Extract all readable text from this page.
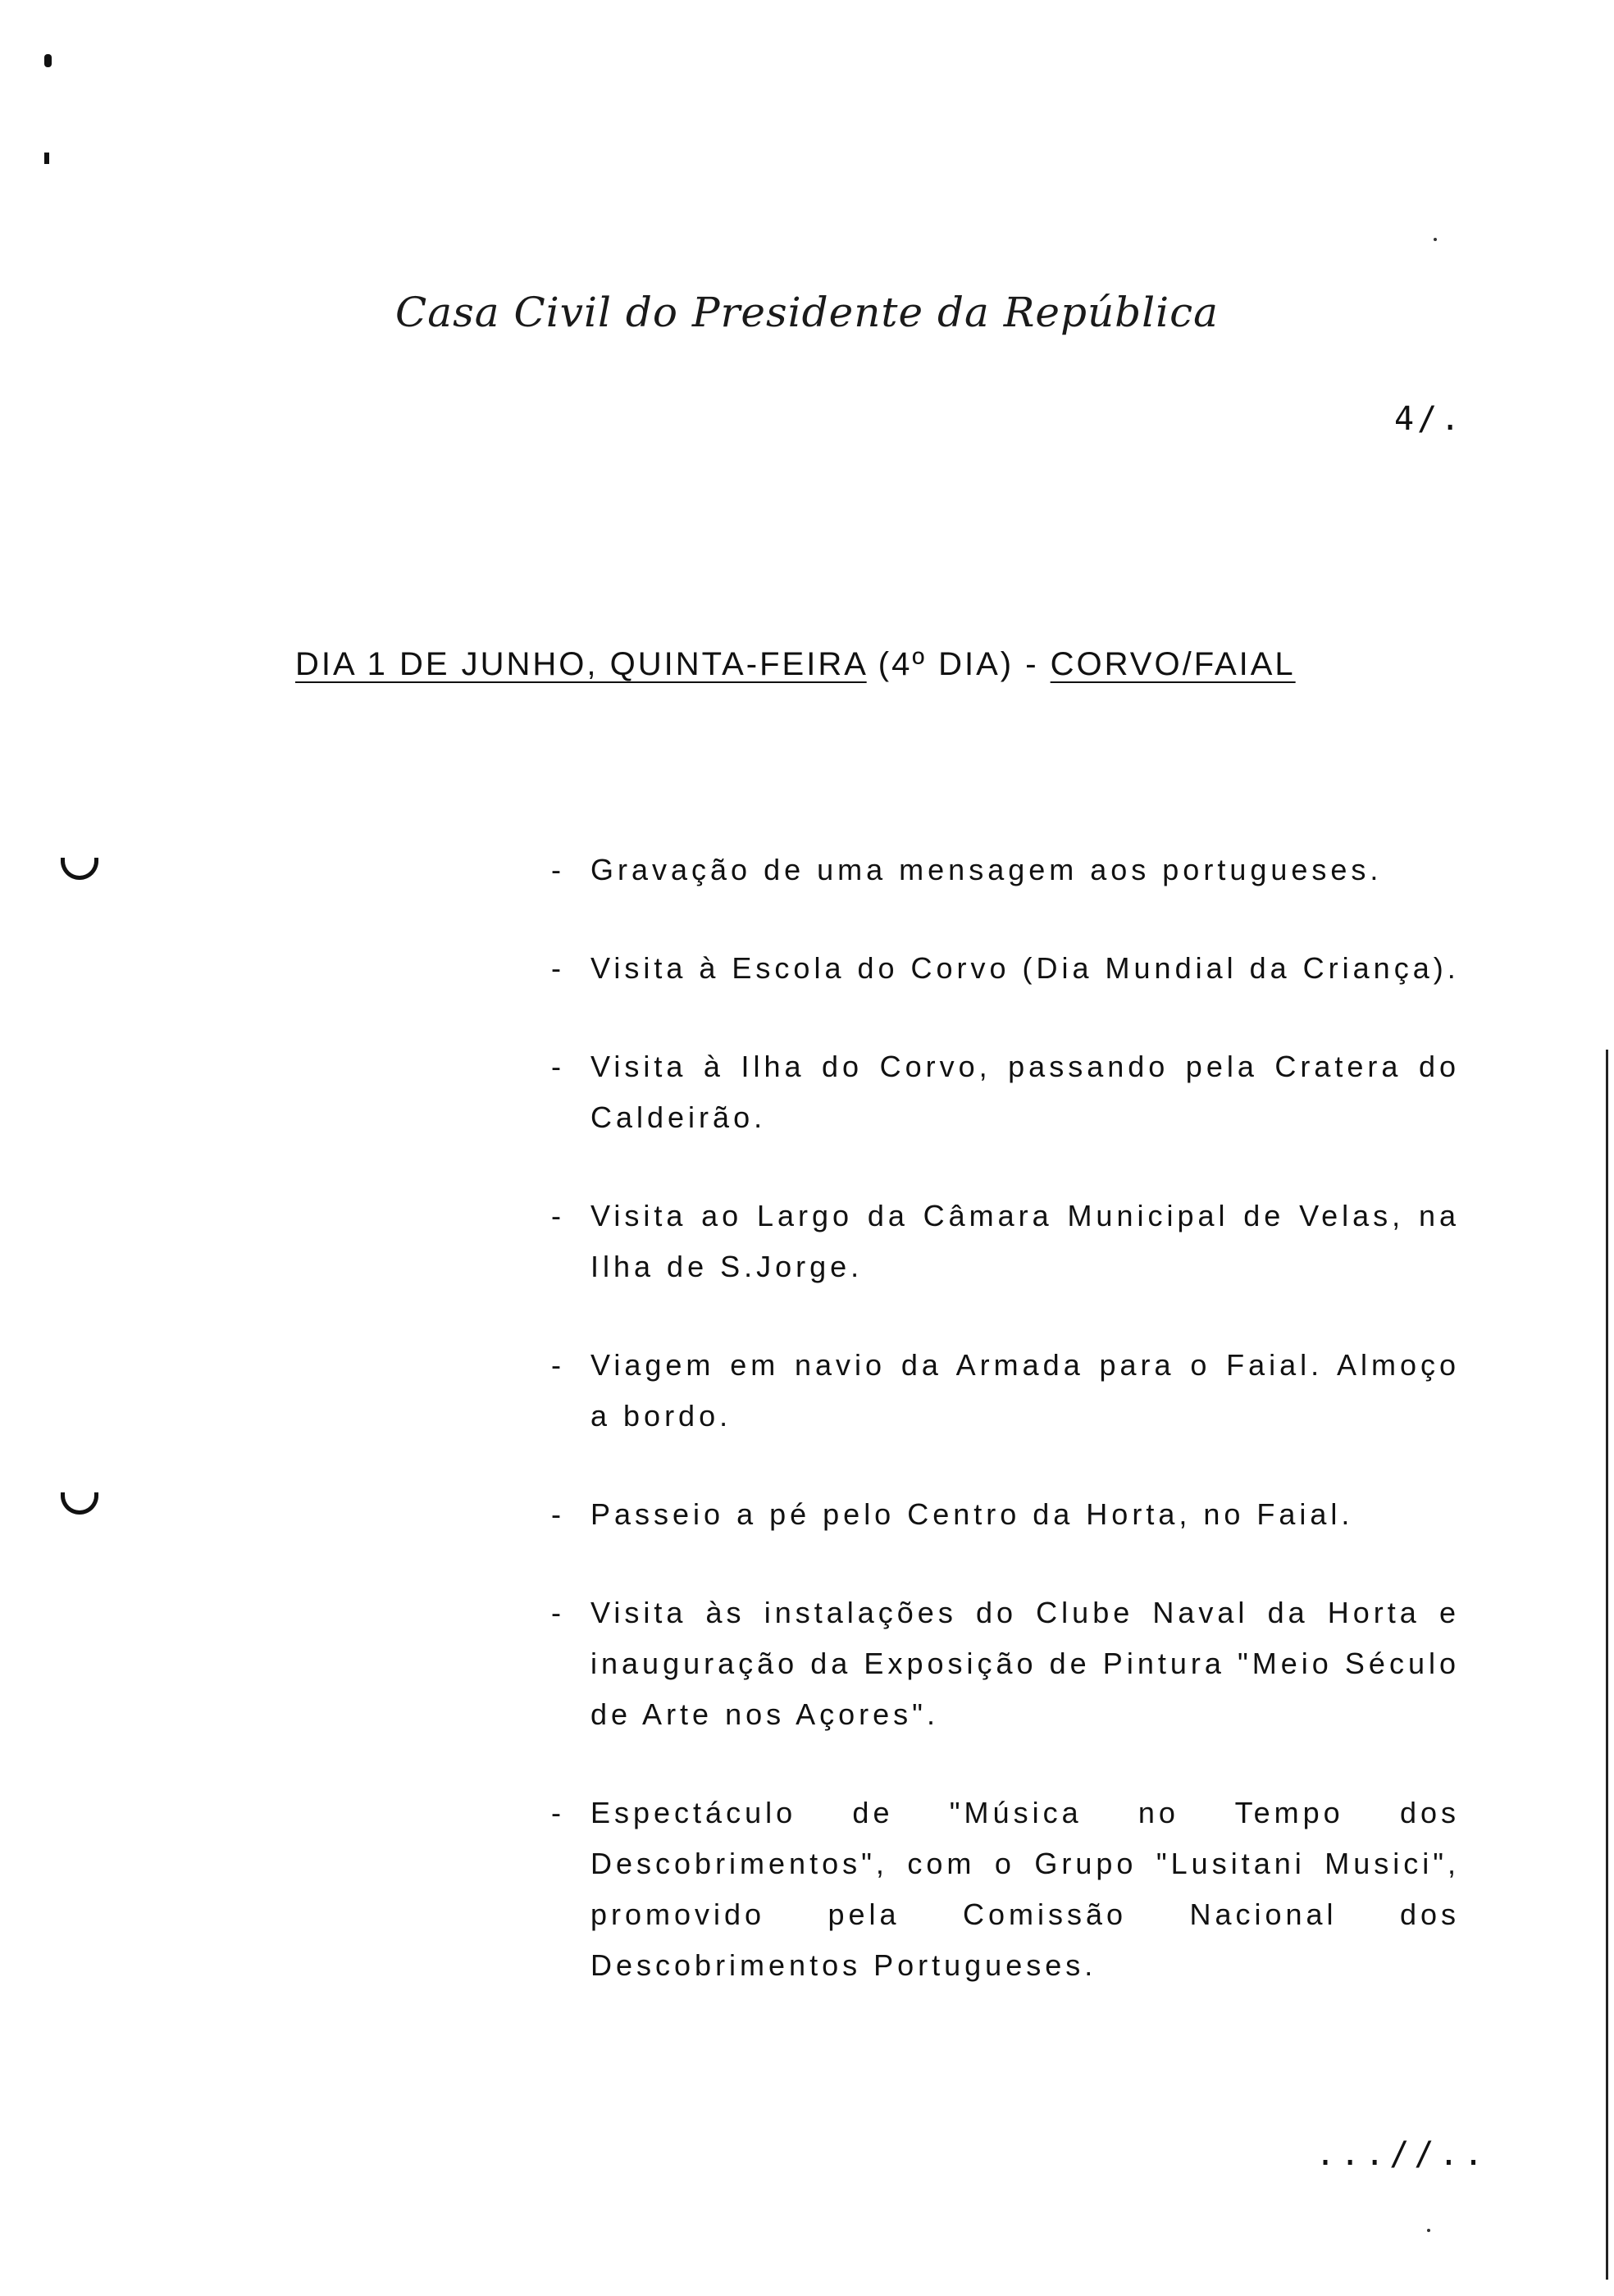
Casa Civil do Presidente da República
4/.
DIA 1 DE JUNHO, QUINTA-FEIRA (4º DIA) - CORVO/FAIAL
- Gravação de uma mensagem aos portugueses.
- Visita à Escola do Corvo (Dia Mundial da Criança).
- Visita à Ilha do Corvo, passando pela Cratera do Caldeirão.
- Visita ao Largo da Câmara Municipal de Velas, na Ilha de S.Jorge.
- Viagem em navio da Armada para o Faial. Almoço a bordo.
- Passeio a pé pelo Centro da Horta, no Faial.
- Visita às instalações do Clube Naval da Horta e inauguração da Exposição de Pintura "Meio Século de Arte nos Açores".
- Espectáculo de "Música no Tempo dos Descobrimentos", com o Grupo "Lusitani Musici", promovido pela Comissão Nacional dos Descobrimentos Portugueses.
...//..
